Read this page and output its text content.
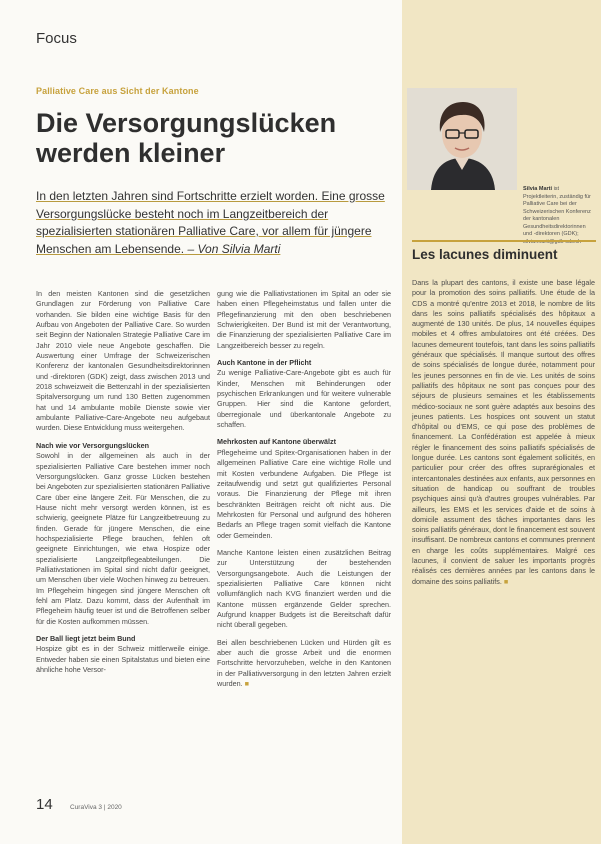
Focus
Palliative Care aus Sicht der Kantone
Die Versorgungslücken
werden kleiner
In den letzten Jahren sind Fortschritte erzielt worden. Eine grosse Versorgungslücke besteht noch im Langzeitbereich der spezialisierten stationären Palliative Care, vor allem für jüngere Menschen am Lebensende. – Von Silvia Marti

In den meisten Kantonen sind die gesetzlichen Grundlagen zur Förderung von Palliative Care vorhanden. Sie bilden eine wichtige Basis für den Aufbau von Angeboten der Palliative Care. So wurden seit Beginn der Nationalen Strategie Palliative Care im Jahr 2010 viele neue Angebote geschaffen. Die Auswertung einer Umfrage der Schweizerischen Konferenz der kantonalen Gesundheitsdirektorinnen und -direktoren (GDK) zeigt, dass zwischen 2013 und 2018 schweizweit die Bettenzahl in der spezialisierten Spitalversorgung um rund 130 Betten zugenommen hat und 14 ambulante mobile Dienste sowie vier ambulante Palliative-Care-Angebote neu aufgebaut wurden. Diese Entwicklung muss weitergehen.

Nach wie vor Versorgungslücken

Sowohl in der allgemeinen als auch in der spezialisierten Palliative Care bestehen immer noch Versorgungslücken. Ganz grosse Lücken bestehen bei Angeboten zur spezialisierten stationären Palliative Care über eine längere Zeit. Für Menschen, die zu Hause nicht mehr versorgt werden können, ist es schwierig, geeignete Plätze für Langzeitbetreuung zu finden. Gerade für jüngere Menschen, die eine hochspezialisierte Pflege brauchen, fehlen oft geeignete Einrichtungen, wie etwa Hospize oder spezialisierte Langzeitpflegeabteilungen. Die Palliativstationen im Spital sind nicht dafür geeignet, um Menschen über viele Wochen hinweg zu betreuen. Im Pflegeheim hingegen sind jüngere Menschen oft fehl am Platz. Dazu kommt, dass der Aufenthalt im Pflegeheim häufig teuer ist und die Betroffenen selber für die Kosten aufkommen müssen.

Der Ball liegt jetzt beim Bund

Hospize gibt es in der Schweiz mittlerweile einige. Entweder haben sie einen Spitalstatus und bieten eine ähnliche hohe Versor-

gung wie die Palliativstationen im Spital an oder sie haben einen Pflegeheimstatus und fallen unter die Pflegefinanzierung mit den oben beschriebenen Schwierigkeiten. Der Bund ist mit der Verantwortung, die Finanzierung der spezialisierten Palliative Care im Langzeitbereich besser zu regeln.

Auch Kantone in der Pflicht

Zu wenige Palliative-Care-Angebote gibt es auch für Kinder, Menschen mit Behinderungen oder psychischen Erkrankungen und für weitere vulnerable Gruppen. Hier sind die Kantone gefordert, überregionale und überkantonale Angebote zu schaffen.

Mehrkosten auf Kantone überwälzt

Pflegeheime und Spitex-Organisationen haben in der allgemeinen Palliative Care eine wichtige Rolle und mit Kosten verbundene Aufgaben. Die Pflege ist zeitaufwendig und setzt gut qualifiziertes Personal voraus. Die Finanzierung der Pflege mit ihren beschränkten Beiträgen reicht oft nicht aus. Die Mehrkosten für Personal und aufgrund des höheren Bedarfs an Pflege tragen somit vielfach die Kantone oder Gemeinden.

Manche Kantone leisten einen zusätzlichen Beitrag zur Unterstützung der bestehenden Versorgungsangebote. Auch die Leistungen der spezialisierten Palliative Care können nicht vollumfänglich nach KVG finanziert werden und die Kantone müssen ergänzende Gelder sprechen. Aufgrund knapper Budgets ist die Bereitschaft dafür nicht überall gegeben.

Bei allen beschriebenen Lücken und Hürden gilt es aber auch die grosse Arbeit und die enormen Fortschritte hervorzuheben, welche in den Kantonen in der Palliativversorgung in den letzten Jahren erzielt wurden. ■

Silvia Marti ist Projektleiterin, zuständig für Palliative Care bei der Schweizerischen Konferenz der kantonalen Gesundheitsdirektorinnen und -direktoren (GDK);
Les lacunes diminuent
Dans la plupart des cantons, il existe une base légale pour la promotion des soins palliatifs. Une étude de la CDS a montré qu'entre 2013 et 2018, le nombre de lits dans les soins palliatifs spécialisés des hôpitaux a augmenté de 130 unités. De plus, 14 nouvelles équipes mobiles et 4 offres ambulatoires ont été créées. Des lacunes demeurent toutefois, tant dans les soins palliatifs généraux que spécialisés. Il manque surtout des offres de soins spécialisés de longue durée, notamment pour les jeunes personnes en fin de vie. Les unités de soins palliatifs des hôpitaux ne sont pas conçues pour des séjours de plusieurs semaines et les établissements médico-sociaux ne sont guère adaptés aux besoins des jeunes patients. Les hospices ont souvent un statut d'hôpital ou d'EMS, ce qui pose des problèmes de financement. La Confédération est appelée à mieux régler le financement des soins palliatifs spécialisés de longue durée. Les cantons sont également sollicités, en particulier pour créer des offres suprarégionales et intercantonales destinées aux enfants, aux personnes en situation de handicap ou souffrant de troubles psychiques ainsi qu'à d'autres groupes vulnérables. Par ailleurs, les EMS et les services d'aide et de soins à domicile assument des tâches importantes dans les soins palliatifs généraux, dont le financement est souvent insuffisant. De nombreux cantons et communes prennent en charge les coûts supplémentaires. Malgré ces lacunes, il convient de saluer les importants progrès réalisés ces dernières années par les cantons dans le domaine des soins palliatifs. ■
14	CuraViva 3 | 2020
